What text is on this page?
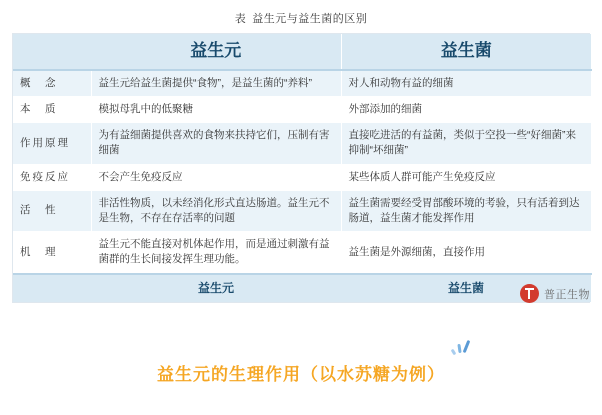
表 益生元与益生菌的区别
	益生元	益生菌
概　念	益生元给益生菌提供“食物”，是益生菌的“养料”	对人和动物有益的细菌
本　质	模拟母乳中的低聚糖	外部添加的细菌
作用原理	为有益细菌提供喜欢的食物来扶持它们，压制有害细菌	直接吃进活的有益菌，类似于空投一些“好细菌”来抑制“坏细菌”
免疫反应	不会产生免疫反应	某些体质人群可能产生免疫反应
活　性	非活性物质，以未经消化形式直达肠道。益生元不是生物，不存在存活率的问题	益生菌需要经受胃部酸环境的考验，只有活着到达肠道，益生菌才能发挥作用
机　理	益生元不能直接对机体起作用，而是通过刺激有益菌群的生长间接发挥生理功能。	益生菌是外源细菌，直接作用
	益生元	益生菌	普正生物
益生元的生理作用（以水苏糖为例）
